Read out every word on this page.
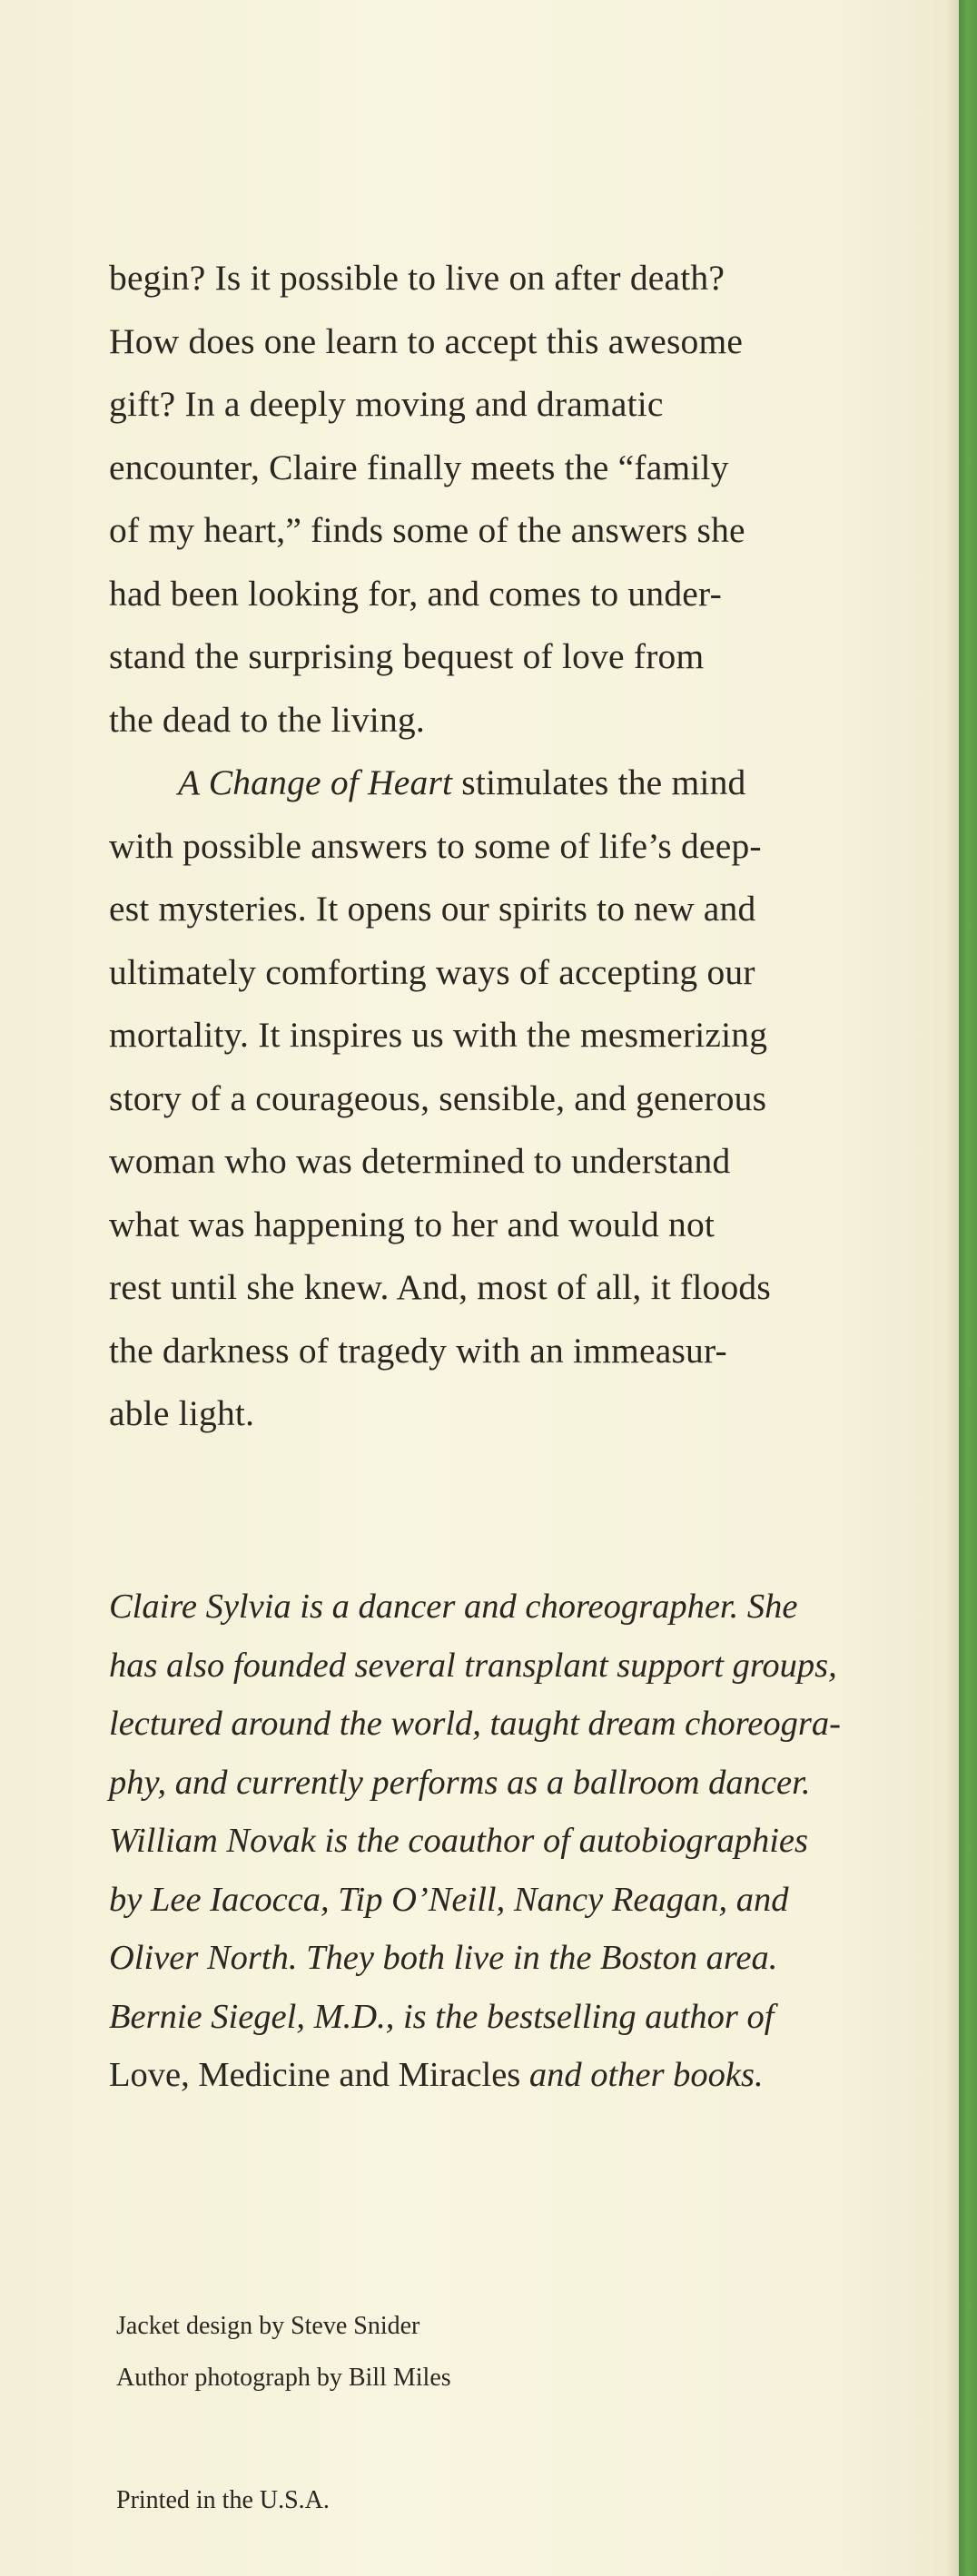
begin? Is it possible to live on after death?
How does one learn to accept this awesome
gift? In a deeply moving and dramatic
encounter, Claire finally meets the “family
of my heart,” finds some of the answers she
had been looking for, and comes to under-
stand the surprising bequest of love from
the dead to the living.
A Change of Heart stimulates the mind
with possible answers to some of life’s deep-
est mysteries. It opens our spirits to new and
ultimately comforting ways of accepting our
mortality. It inspires us with the mesmerizing
story of a courageous, sensible, and generous
woman who was determined to understand
what was happening to her and would not
rest until she knew. And, most of all, it floods
the darkness of tragedy with an immeasur-
able light.
Claire Sylvia is a dancer and choreographer. She
has also founded several transplant support groups,
lectured around the world, taught dream choreogra-
phy, and currently performs as a ballroom dancer.
William Novak is the coauthor of autobiographies
by Lee Iacocca, Tip O’Neill, Nancy Reagan, and
Oliver North. They both live in the Boston area.
Bernie Siegel, M.D., is the bestselling author of
Love, Medicine and Miracles and other books.
Jacket design by Steve Snider
Author photograph by Bill Miles
Printed in the U.S.A.
